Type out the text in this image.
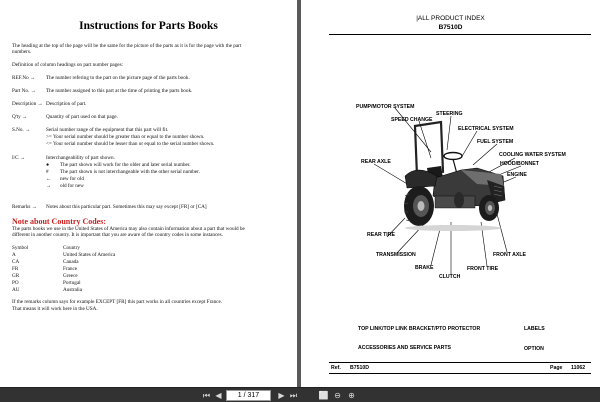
Instructions for Parts Books
The heading at the top of the page will be the same for the picture of the parts as it is for the page with the part
numbers.
Definition of column headings on part number pages:
REF.No → The number refering to the part on the picture page of the parts book.
Part No. → The number assigned to this part at the time of printing the parts book.
Description → Description of part.
Q'ty →	Quantity of part used on that page.
S.No. →	Serial number range of the equipment that this part will fit.
>= Your serial number should be greater than or equal to the number shown.
<= Your serial number should be lesser than or equal to the serial number shown.
I/C →	Interchangeability of part shown.
● The part shown will work for the older and later serial number.
# The part shown is not interchangeable with the other serial number.
← new for old
→ old for new
Remarks → Notes about this particular part. Sometimes this may say except [FR] or [CA]
Note about Country Codes:
The parts books we use in the United States of America may also contain information about a part that would be
different in another country. It is important that you are aware of the country codes in some instances.
Symbol	Country
A	United States of America
CA	Canada
FR	France
GR	Greece
PO	Portugal
AU	Australia
If the remarks column says for example EXCEPT [FR] this part works in all countries except France.
That means it will work here in the USA.
|ALL PRODUCT INDEX
B7510D
PUMP/MOTOR SYSTEM
STEERING
SPEED CHANGE
ELECTRICAL SYSTEM
FUEL SYSTEM
COOLING WATER SYSTEM
HOOD/BONNET
ENGINE
REAR AXLE
REAR TIRE
TRANSMISSION
BRAKE
CLUTCH
FRONT TIRE
FRONT AXLE
TOP LINK/TOP LINK BRACKET/PTO PROTECTOR	LABELS
ACCESSORIES AND SERVICE PARTS	OPTION
Ref. B7510D	Page 11062
⏮ ◀	1 / 317	▶ ⏭	⬜ ⊖ ⊕
